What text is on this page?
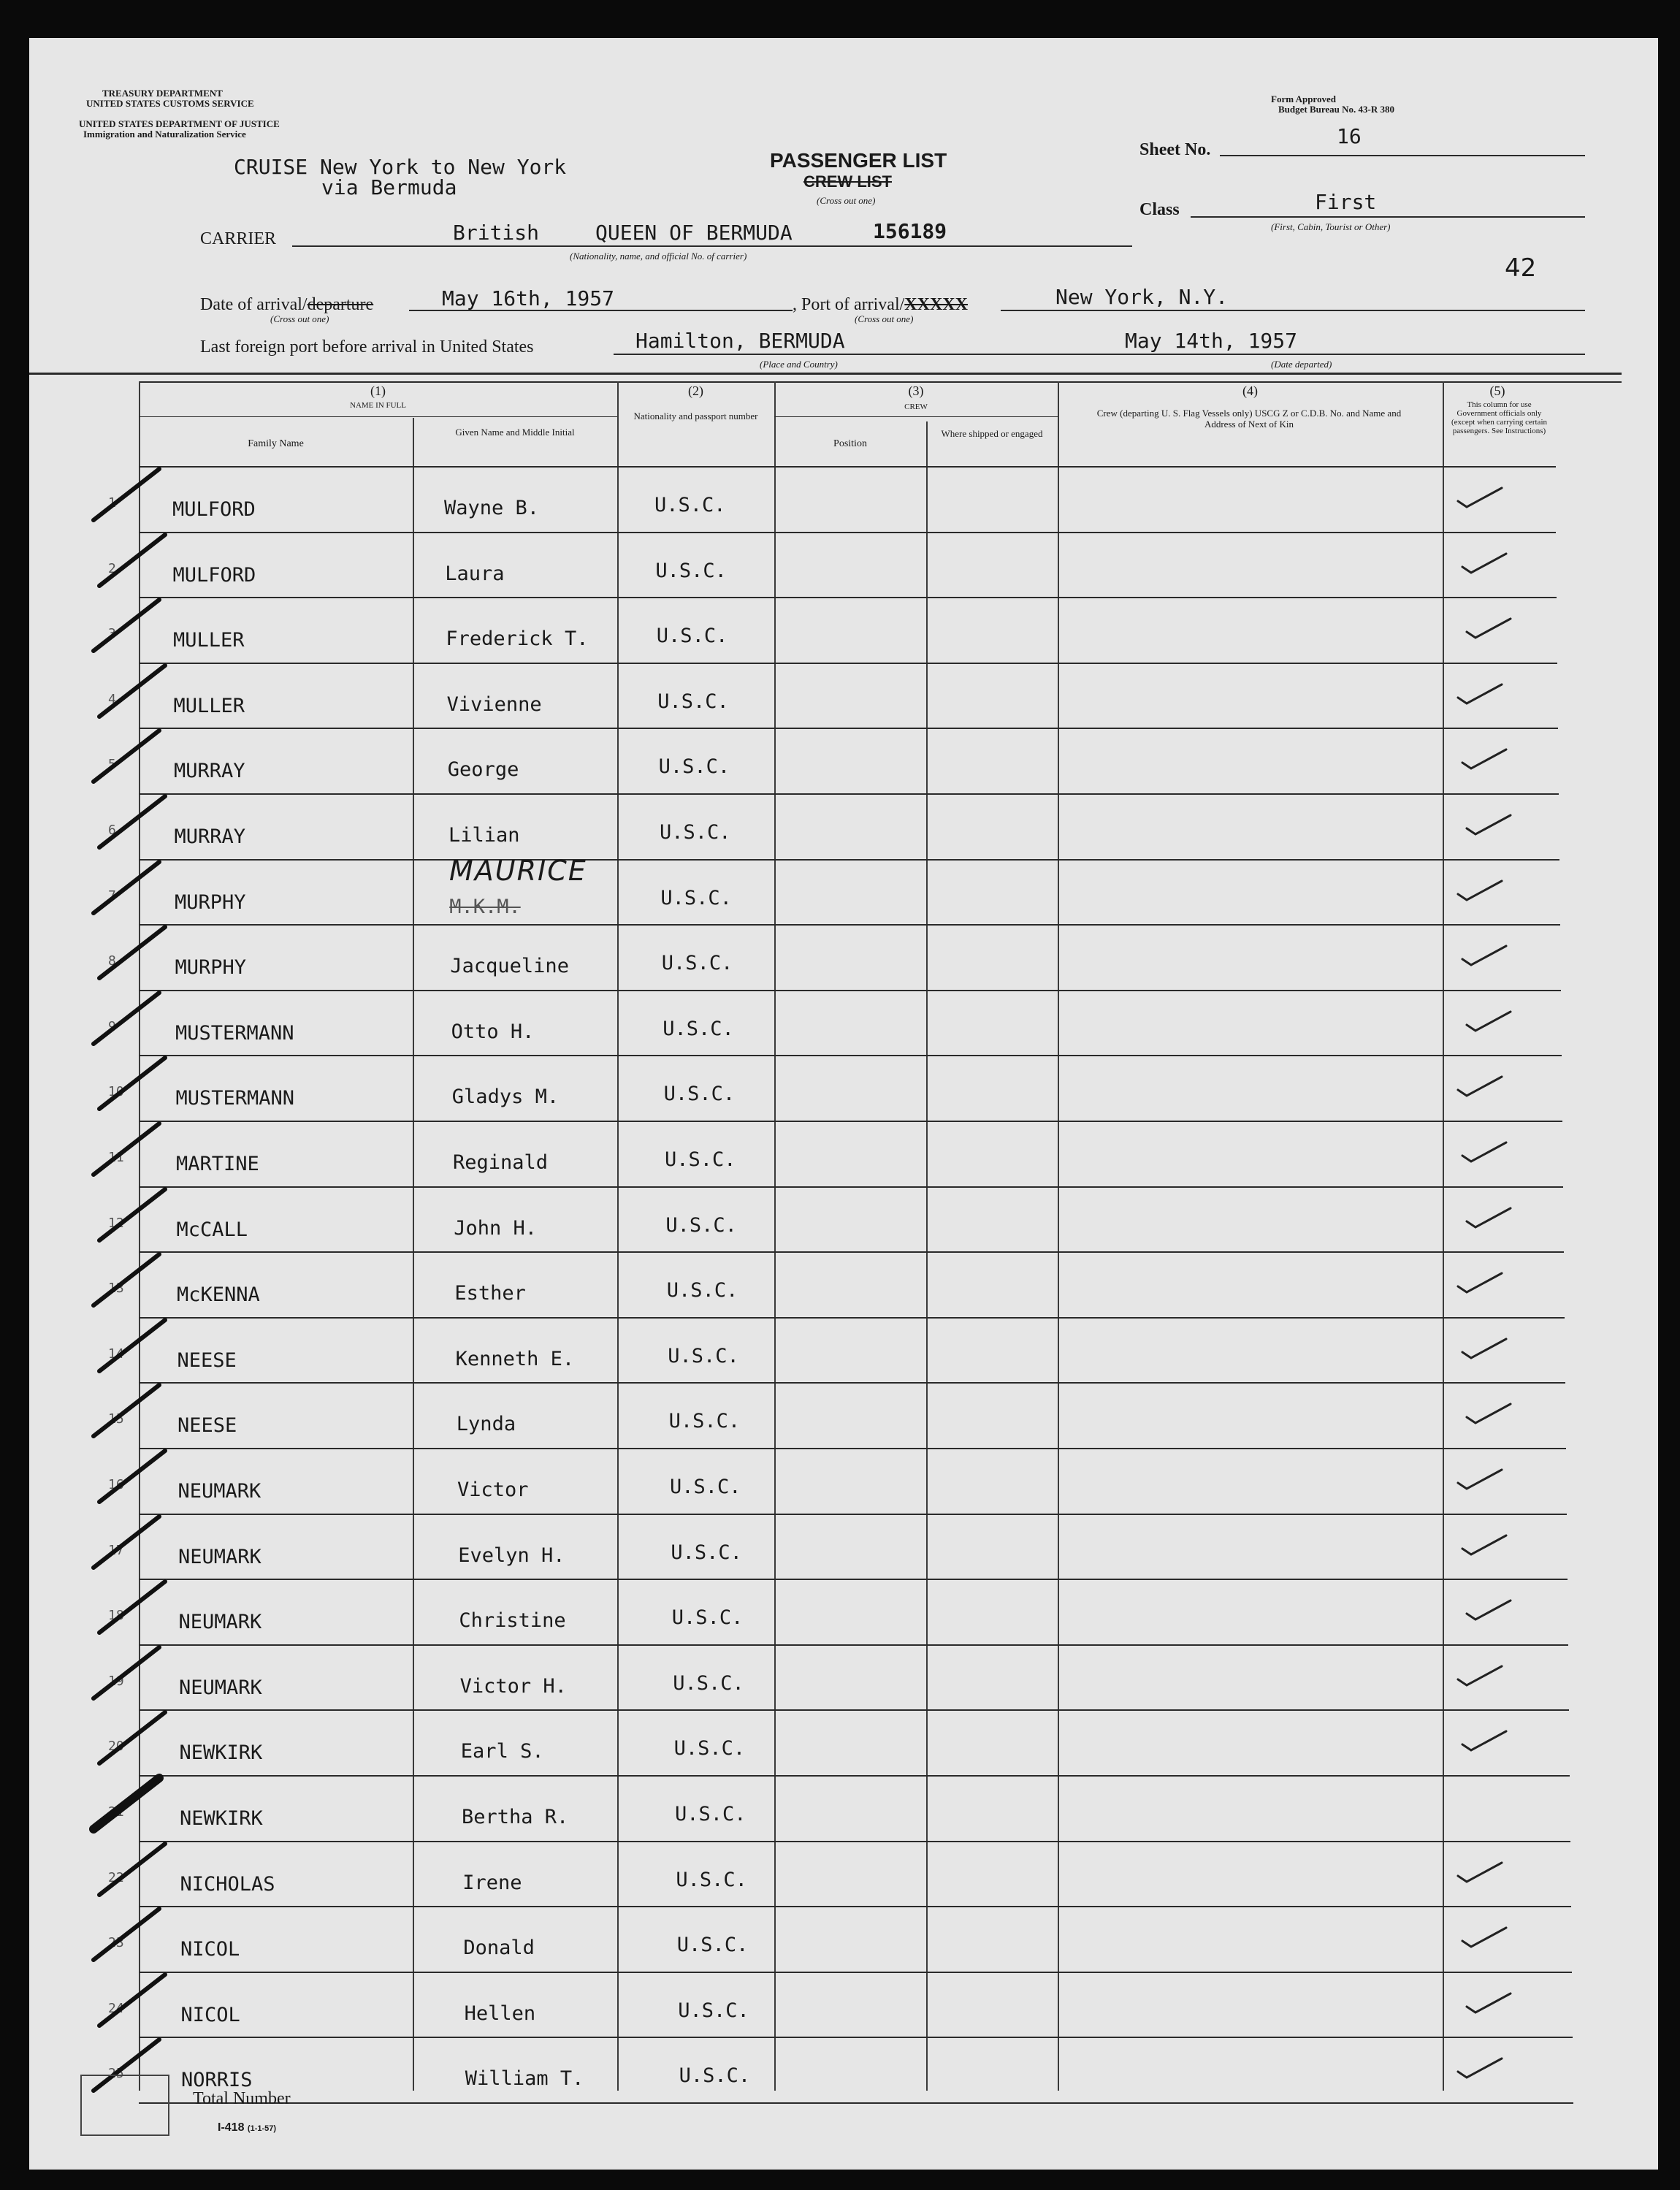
TREASURY DEPARTMENT
UNITED STATES CUSTOMS SERVICE
UNITED STATES DEPARTMENT OF JUSTICE
Immigration and Naturalization Service
Form Approved
Budget Bureau No. 43-R 380
PASSENGER LIST
CREW LIST
(Cross out one)
Sheet No.
16
CRUISE New York to New York
via Bermuda
Class	First
(First, Cabin, Tourist or Other)
42
CARRIER	British	QUEEN OF BERMUDA	156189
(Nationality, name, and official No. of carrier)
Date of arrival/departure
(Cross out one)
May 16th, 1957	, Port of arrival/XXXXX
(Cross out one)
New York, N.Y.
Last foreign port before arrival in United States	Hamilton, BERMUDA
(Place and Country)
May 14th, 1957
(Date departed)
(1)
NAME IN FULL
Family Name
Given Name and Middle Initial
(2)
Nationality and passport number
(3)
CREW
Position
Where shipped or engaged
(4)
Crew (departing U. S. Flag Vessels only) USCG Z or C.D.B. No. and Name and Address of Next of Kin
(5)
This column for use Government officials only (except when carrying certain passengers. See Instructions)
1	MULFORD	Wayne B.	U.S.C.
2	MULFORD	Laura	U.S.C.
3	MULLER	Frederick T.	U.S.C.
4	MULLER	Vivienne	U.S.C.
5	MURRAY	George	U.S.C.
6	MURRAY	Lilian	U.S.C.
7	MURPHY	M.K.M.	U.S.C.
8	MURPHY	Jacqueline	U.S.C.
9	MUSTERMANN	Otto H.	U.S.C.
10	MUSTERMANN	Gladys M.	U.S.C.
11	MARTINE	Reginald	U.S.C.
12	McCALL	John H.	U.S.C.
13	McKENNA	Esther	U.S.C.
14	NEESE	Kenneth E.	U.S.C.
15	NEESE	Lynda	U.S.C.
16	NEUMARK	Victor	U.S.C.
17	NEUMARK	Evelyn H.	U.S.C.
18	NEUMARK	Christine	U.S.C.
19	NEUMARK	Victor H.	U.S.C.
20	NEWKIRK	Earl S.	U.S.C.
21	NEWKIRK	Bertha R.	U.S.C.
22	NICHOLAS	Irene	U.S.C.
23	NICOL	Donald	U.S.C.
24	NICOL	Hellen	U.S.C.
25	NORRIS	William T.	U.S.C.
MAURICE
Total Number
I-418 (1-1-57)
